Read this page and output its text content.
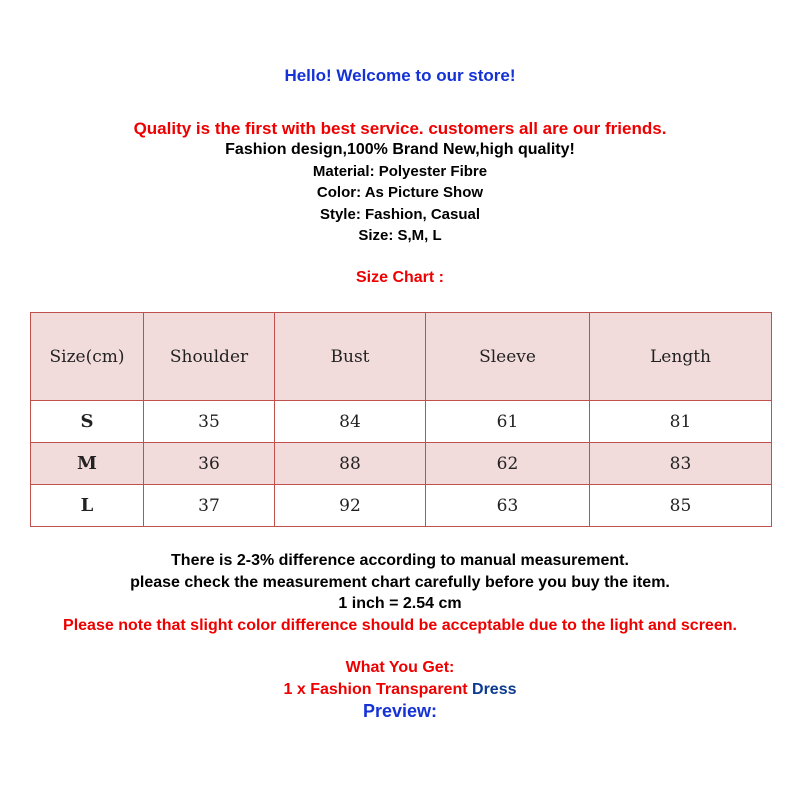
Hello! Welcome to our store!
Quality is the first with best service. customers all are our friends.
Fashion design,100% Brand New,high quality!
Material: Polyester Fibre
Color: As Picture Show
Style: Fashion, Casual
Size: S,M, L
Size Chart :
Size(cm)	Shoulder	Bust	Sleeve	Length
S	35	84	61	81
M	36	88	62	83
L	37	92	63	85
There is 2-3% difference according to manual measurement.
please check the measurement chart carefully before you buy the item.
1 inch = 2.54 cm
Please note that slight color difference should be acceptable due to the light and screen.
What You Get:
1 x Fashion Transparent Dress
Preview:
